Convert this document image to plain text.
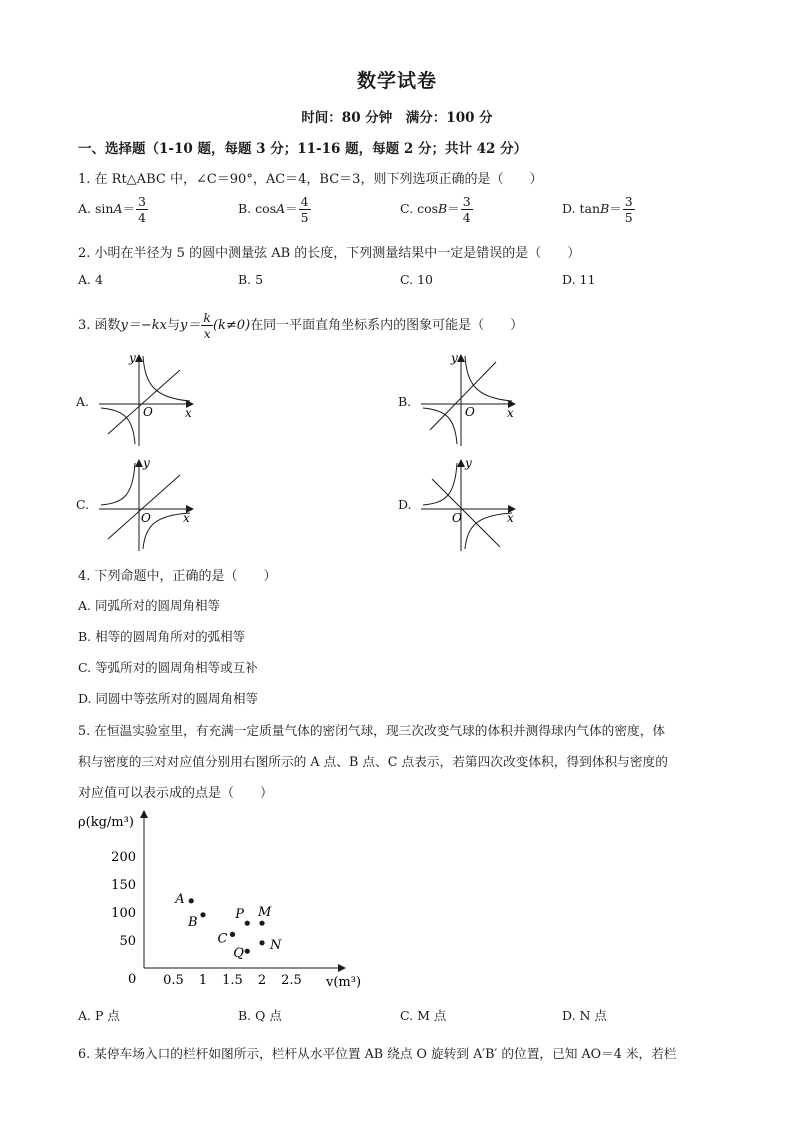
数学试卷
时间：80 分钟　满分：100 分
一、选择题（1-10 题，每题 3 分；11-16 题，每题 2 分；共计 42 分）
1. 在 Rt△ABC 中，∠C＝90°，AC＝4，BC＝3，则下列选项正确的是（　　）
A. $\sin A= \frac{3}{4}$	B. $\cos A= \frac{4}{5}$	C. $\cos B= \frac{3}{4}$	D. $\tan B= \frac{3}{5}$
2. 小明在半径为 5 的圆中测量弦 AB 的长度，下列测量结果中一定是错误的是（　　）
A. 4	B. 5	C. 10	D. 11
3. 函数y＝−kx与$y= \frac{k}{x} (k\ne 0)$在同一平面直角坐标系内的图象可能是（　　）
A.
O	x
y
B.
O	x
y
C.
O	x
y
D.
O	x
y
4. 下列命题中，正确的是（　　）
A. 同弧所对的圆周角相等
B. 相等的圆周角所对的弧相等
C. 等弧所对的圆周角相等或互补
D. 同圆中等弦所对的圆周角相等
5. 在恒温实验室里，有充满一定质量气体的密闭气球，现三次改变气球的体积并测得球内气体的密度，体
积与密度的三对对应值分别用右图所示的 A 点、B 点、C 点表示，若第四次改变体积，得到体积与密度的
对应值可以表示成的点是（　　）
ρ(kg/m³)
v(m³)
0 0.5 1 1.5 2 2.5
50
100
150
200
A
B
P M
C	N
Q
A. P 点	B. Q 点	C. M 点	D. N 点
6. 某停车场入口的栏杆如图所示，栏杆从水平位置 AB 绕点 O 旋转到 A′B′ 的位置，已知 AO＝4 米，若栏
